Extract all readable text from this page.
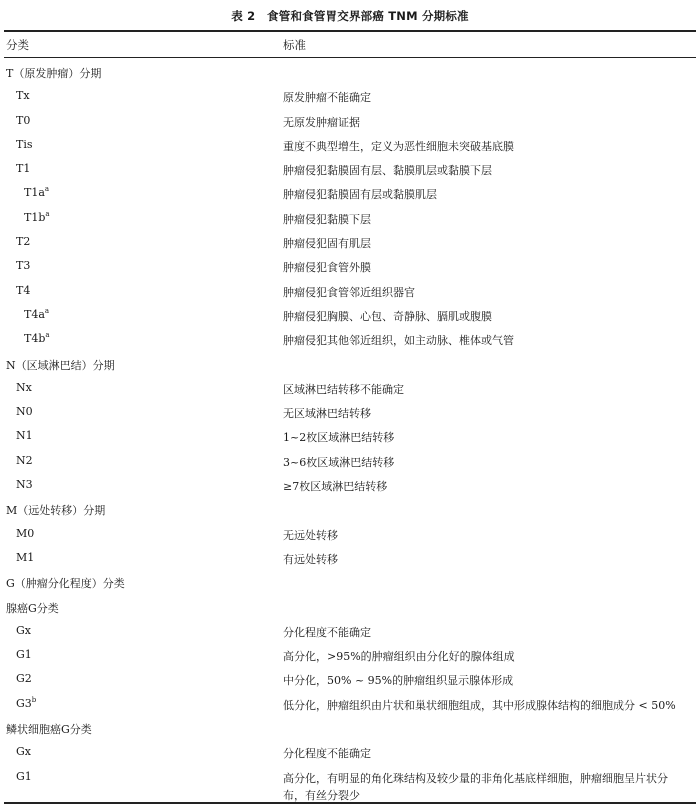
表 2　食管和食管胃交界部癌 TNM 分期标准
分类	标准
T（原发肿瘤）分期
Tx	原发肿瘤不能确定
T0	无原发肿瘤证据
Tis	重度不典型增生，定义为恶性细胞未突破基底膜
T1	肿瘤侵犯黏膜固有层、黏膜肌层或黏膜下层
$T1a^a$	肿瘤侵犯黏膜固有层或黏膜肌层
$T1b^a$	肿瘤侵犯黏膜下层
T2	肿瘤侵犯固有肌层
T3	肿瘤侵犯食管外膜
T4	肿瘤侵犯食管邻近组织器官
$T4a^a$	肿瘤侵犯胸膜、心包、奇静脉、膈肌或腹膜
$T4b^a$	肿瘤侵犯其他邻近组织，如主动脉、椎体或气管
N（区域淋巴结）分期
Nx	区域淋巴结转移不能确定
N0	无区域淋巴结转移
N1	1~2枚区域淋巴结转移
N2	3~6枚区域淋巴结转移
N3	≥7枚区域淋巴结转移
M（远处转移）分期
M0	无远处转移
M1	有远处转移
G（肿瘤分化程度）分类
腺癌G分类
Gx	分化程度不能确定
G1	高分化，>95%的肿瘤组织由分化好的腺体组成
G2	中分化，50% ~ 95%的肿瘤组织显示腺体形成
G3$^b$	低分化，肿瘤组织由片状和巢状细胞组成，其中形成腺体结构的细胞成分 < 50%
鳞状细胞癌G分类
Gx	分化程度不能确定
G1	高分化，有明显的角化珠结构及较少量的非角化基底样细胞，肿瘤细胞呈片状分布，有丝分裂少
